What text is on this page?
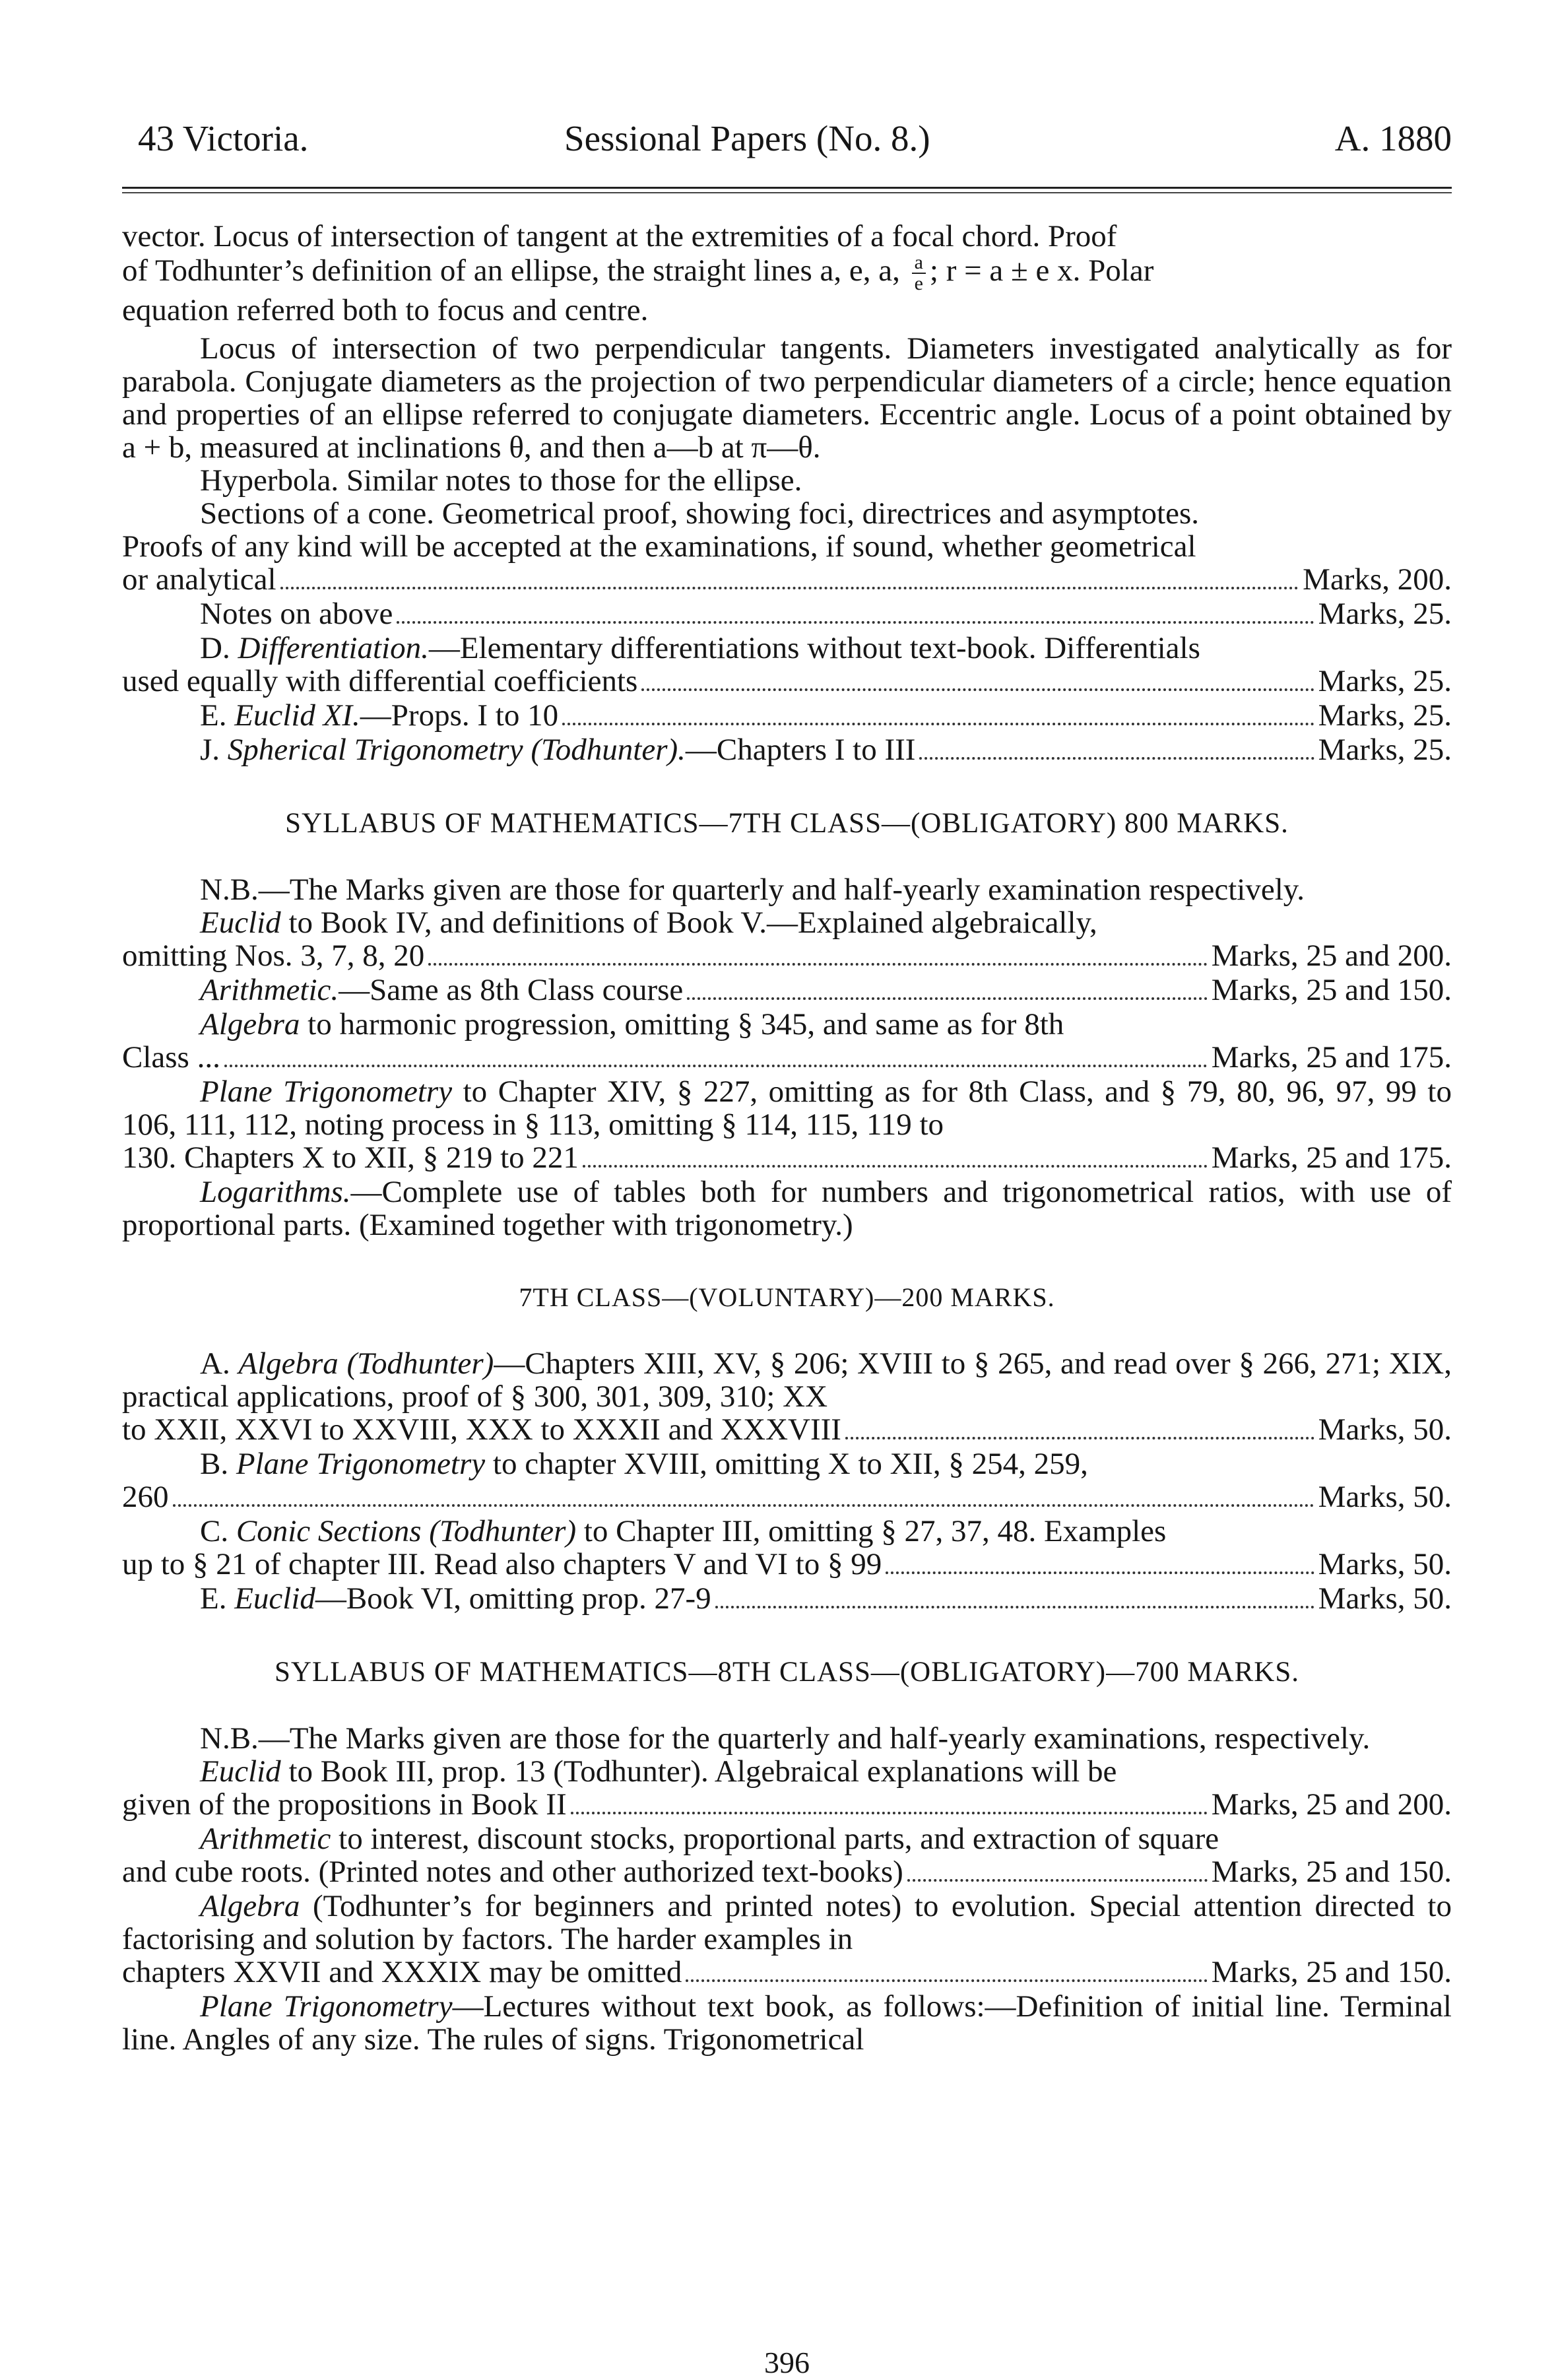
43 Victoria.	Sessional Papers (No. 8.)	A. 1880

vector. Locus of intersection of tangent at the extremities of a focal chord. Proof

of Todhunter’s definition of an ellipse, the straight lines a, e, a, $\frac{a}{e}$ ; r = a ± e x. Polar

equation referred both to focus and centre.

Locus of intersection of two perpendicular tangents. Diameters investigated analytically as for parabola. Conjugate diameters as the projection of two perpendicular diameters of a circle; hence equation and properties of an ellipse referred to conjugate diameters. Eccentric angle. Locus of a point obtained by a + b, measured at inclinations θ, and then a—b at π—θ.

Hyperbola. Similar notes to those for the ellipse.

Sections of a cone. Geometrical proof, showing foci, directrices and asymptotes.

Proofs of any kind will be accepted at the examinations, if sound, whether geometrical

or analytical	Marks, 200.
Notes on above	Marks, 25.

D. Differentiation.—Elementary differentiations without text-book. Differentials

used equally with differential coefficients	Marks, 25.
E.
Euclid XI. —Props. I to 10	Marks, 25.
J.
Spherical Trigonometry (Todhunter). —Chapters I to III	Marks, 25.
SYLLABUS OF MATHEMATICS—7TH CLASS—(OBLIGATORY) 800 MARKS.

N.B.—The Marks given are those for quarterly and half-yearly examination respectively.

Euclid to Book IV, and definitions of Book V.—Explained algebraically,

omitting Nos. 3, 7, 8, 20	Marks, 25 and 200.
Arithmetic. —Same as 8th Class course	Marks, 25 and 150.

Algebra to harmonic progression, omitting § 345, and same as for 8th

Class ...	Marks, 25 and 175.

Plane Trigonometry to Chapter XIV, § 227, omitting as for 8th Class, and § 79, 80, 96, 97, 99 to 106, 111, 112, noting process in § 113, omitting § 114, 115, 119 to

130. Chapters X to XII, § 219 to 221	Marks, 25 and 175.

Logarithms.—Complete use of tables both for numbers and trigonometrical ratios, with use of proportional parts. (Examined together with trigonometry.)

7TH CLASS—(VOLUNTARY)—200 MARKS.

A. Algebra (Todhunter)—Chapters XIII, XV, § 206; XVIII to § 265, and read over § 266, 271; XIX, practical applications, proof of § 300, 301, 309, 310; XX

to XXII, XXVI to XXVIII, XXX to XXXII and XXXVIII	Marks, 50.

B. Plane Trigonometry to chapter XVIII, omitting X to XII, § 254, 259,

260	Marks, 50.

C. Conic Sections (Todhunter) to Chapter III, omitting § 27, 37, 48. Examples

up to § 21 of chapter III. Read also chapters V and VI to § 99	Marks, 50.
E.
Euclid —Book VI, omitting prop. 27-9	Marks, 50.
SYLLABUS OF MATHEMATICS—8TH CLASS—(OBLIGATORY)—700 MARKS.

N.B.—The Marks given are those for the quarterly and half-yearly examinations, respectively.

Euclid to Book III, prop. 13 (Todhunter). Algebraical explanations will be

given of the propositions in Book II	Marks, 25 and 200.

Arithmetic to interest, discount stocks, proportional parts, and extraction of square

and cube roots. (Printed notes and other authorized text-books)	Marks, 25 and 150.

Algebra (Todhunter’s for beginners and printed notes) to evolution. Special attention directed to factorising and solution by factors. The harder examples in

chapters XXVII and XXXIX may be omitted	Marks, 25 and 150.

Plane Trigonometry—Lectures without text book, as follows:—Definition of initial line. Terminal line. Angles of any size. The rules of signs. Trigonometrical

396
